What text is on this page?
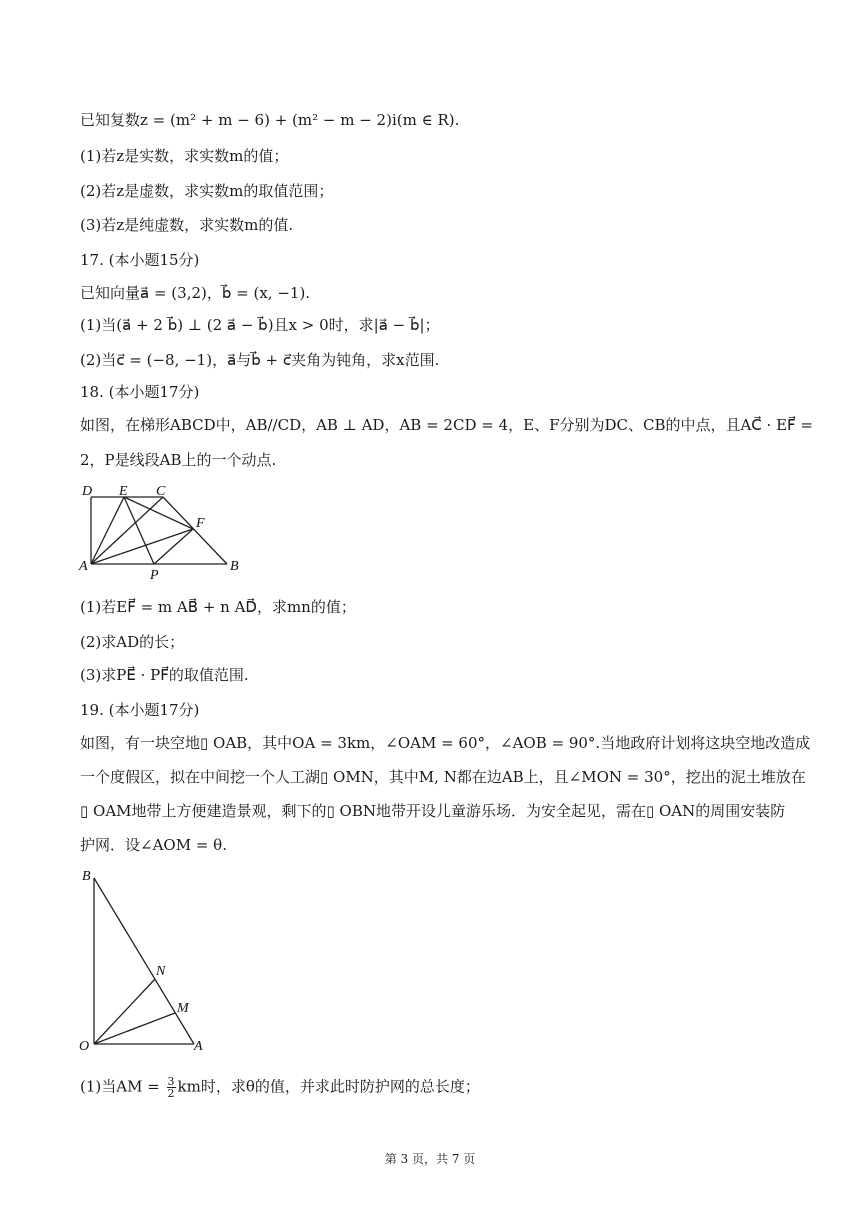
已知复数z = (m² + m − 6) + (m² − m − 2)i(m ∈ R).
(1)若z是实数，求实数m的值；
(2)若z是虚数，求实数m的取值范围；
(3)若z是纯虚数，求实数m的值.
17. (本小题15分)
已知向量a⃗ = (3,2)，b⃗ = (x, −1).
(1)当(a⃗ + 2 b⃗) ⊥ (2 a⃗ − b⃗)且x > 0时，求|a⃗ − b⃗|；
(2)当c⃗ = (−8, −1)，a⃗与b⃗ + c⃗夹角为钝角，求x范围.
18. (本小题17分)
如图，在梯形ABCD中，AB//CD，AB ⊥ AD，AB = 2CD = 4，E、F分别为DC、CB的中点，且AC⃗ · EF⃗ =
2，P是线段AB上的一个动点.
D E C
F
A
P
B
(1)若EF⃗ = m AB⃗ + n AD⃗，求mn的值；
(2)求AD的长；
(3)求PE⃗ · PF⃗的取值范围.
19. (本小题17分)
如图，有一块空地▯ OAB，其中OA = 3km，∠OAM = 60°，∠AOB = 90°.当地政府计划将这块空地改造成
一个度假区，拟在中间挖一个人工湖▯ OMN，其中M, N都在边AB上，且∠MON = 30°，挖出的泥土堆放在
▯ OAM地带上方便建造景观，剩下的▯ OBN地带开设儿童游乐场．为安全起见，需在▯ OAN的周围安装防
护网．设∠AOM = θ.
B
N
M
O	A
(1)当AM = $\frac{3}{2}$ km时，求θ的值，并求此时防护网的总长度；
第 3 页，共 7 页
